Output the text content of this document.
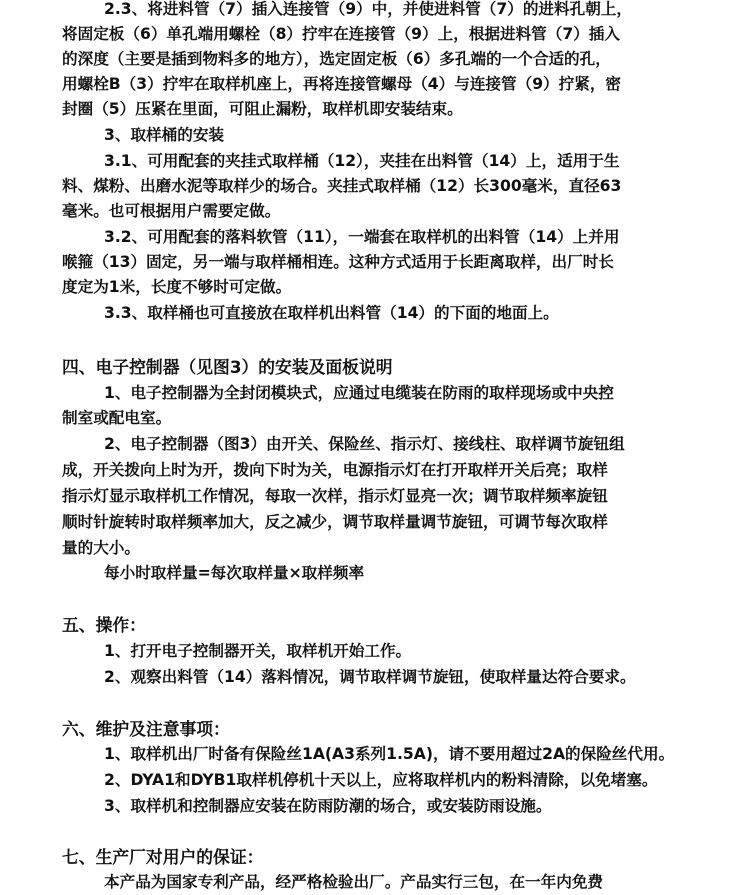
2.3、将进料管（7）插入连接管（9）中，并使进料管（7）的进料孔朝上，
将固定板（6）单孔端用螺栓（8）拧牢在连接管（9）上，根据进料管（7）插入
的深度（主要是插到物料多的地方），选定固定板（6）多孔端的一个合适的孔，
用螺栓B（3）拧牢在取样机座上，再将连接管螺母（4）与连接管（9）拧紧，密
封圈（5）压紧在里面，可阻止漏粉，取样机即安装结束。
3、取样桶的安装
3.1、可用配套的夹挂式取样桶（12），夹挂在出料管（14）上，适用于生
料、煤粉、出磨水泥等取样少的场合。夹挂式取样桶（12）长300毫米，直径63
毫米。也可根据用户需要定做。
3.2、可用配套的落料软管（11），一端套在取样机的出料管（14）上并用
喉箍（13）固定，另一端与取样桶相连。这种方式适用于长距离取样，出厂时长
度定为1米，长度不够时可定做。
3.3、取样桶也可直接放在取样机出料管（14）的下面的地面上。
四、电子控制器（见图3）的安装及面板说明
1、电子控制器为全封闭模块式，应通过电缆装在防雨的取样现场或中央控
制室或配电室。
2、电子控制器（图3）由开关、保险丝、指示灯、接线柱、取样调节旋钮组
成，开关拨向上时为开，拨向下时为关，电源指示灯在打开取样开关后亮；取样
指示灯显示取样机工作情况，每取一次样，指示灯显亮一次；调节取样频率旋钮
顺时针旋转时取样频率加大，反之减少，调节取样量调节旋钮，可调节每次取样
量的大小。
每小时取样量=每次取样量×取样频率
五、操作：
1、打开电子控制器开关，取样机开始工作。
2、观察出料管（14）落料情况，调节取样调节旋钮，使取样量达符合要求。
六、维护及注意事项：
1、取样机出厂时备有保险丝1A(A3系列1.5A)，请不要用超过2A的保险丝代用。
2、DYA1和DYB1取样机停机十天以上，应将取样机内的粉料清除，以免堵塞。
3、取样机和控制器应安装在防雨防潮的场合，或安装防雨设施。
七、生产厂对用户的保证：
本产品为国家专利产品，经严格检验出厂。产品实行三包，在一年内免费
